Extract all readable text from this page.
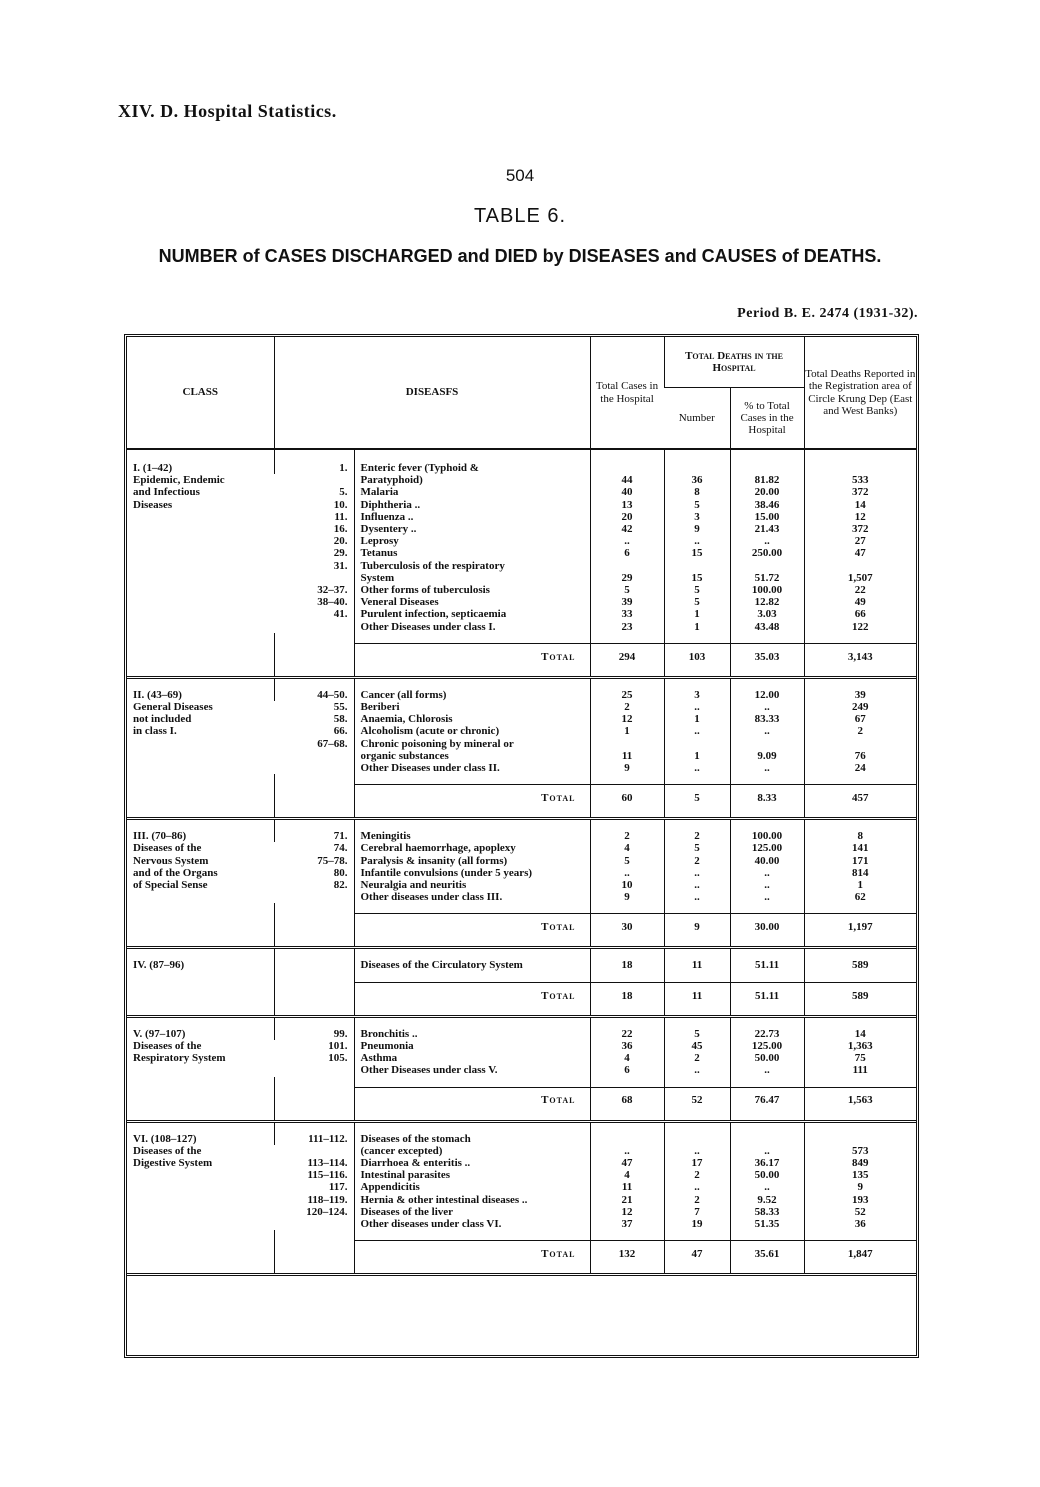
XIV. D. Hospital Statistics.
504
TABLE 6.
NUMBER of CASES DISCHARGED and DIED by DISEASES and CAUSES of DEATHS.
Period B. E. 2474 (1931-32).
CLASS	DISEASFS		Total Cases in the Hospital	Total Deaths in the Hospital		Total Deaths Reported in the Registration area of Circle Krung Dep (East and West Banks)
				Number	% to Total Cases in the Hospital	

I. (1–42)
Epidemic, Endemic
and Infectious
Diseases	1.	Enteric fever (Typhoid &				
		Paratyphoid)	44	36	81.82	533
	5.	Malaria	40	8	20.00	372
	10.	Diphtheria ..	13	5	38.46	14
	11.	Influenza ..	20	3	15.00	12
	16.	Dysentery ..	42	9	21.43	372
	20.	Leprosy	..	..	..	27
	29.	Tetanus	6	15	250.00	47
	31.	Tuberculosis of the respiratory				
		System	29	15	51.72	1,507
	32–37.	Other forms of tuberculosis	5	5	100.00	22
	38–40.	Veneral Diseases	39	5	12.82	49
	41.	Purulent infection, septicaemia	33	1	3.03	66
		Other Diseases under class I.	23	1	43.48	122

		Total	294	103	35.03	3,143

II. (43–69)
General Diseases
not included
in class I.	44–50.	Cancer (all forms)	25	3	12.00	39
	55.	Beriberi	2	..	..	249
	58.	Anaemia, Chlorosis	12	1	83.33	67
	66.	Alcoholism (acute or chronic)	1	..	..	2
	67–68.	Chronic poisoning by mineral or				
		organic substances	11	1	9.09	76
		Other Diseases under class II.	9	..	..	24

		Total	60	5	8.33	457

III. (70–86)
Diseases of the
Nervous System
and of the Organs
of Special Sense	71.	Meningitis	2	2	100.00	8
	74.	Cerebral haemorrhage, apoplexy	4	5	125.00	141
	75–78.	Paralysis & insanity (all forms)	5	2	40.00	171
	80.	Infantile convulsions (under 5 years)	..	..	..	814
	82.	Neuralgia and neuritis	10	..	..	1
		Other diseases under class III.	9	..	..	62

		Total	30	9	30.00	1,197

IV. (87–96)		Diseases of the Circulatory System	18	11	51.11	589

		Total	18	11	51.11	589

V. (97–107)
Diseases of the
Respiratory System	99.	Bronchitis ..	22	5	22.73	14
	101.	Pneumonia	36	45	125.00	1,363
	105.	Asthma	4	2	50.00	75
		Other Diseases under class V.	6	..	..	111

		Total	68	52	76.47	1,563

VI. (108–127)
Diseases of the
Digestive System	111–112.	Diseases of the stomach				
		(cancer excepted)	..	..	..	573
	113–114.	Diarrhoea & enteritis ..	47	17	36.17	849
	115–116.	Intestinal parasites	4	2	50.00	135
	117.	Appendicitis	11	..	..	9
	118–119.	Hernia & other intestinal diseases ..	21	2	9.52	193
	120–124.	Diseases of the liver	12	7	58.33	52
		Other diseases under class VI.	37	19	51.35	36

		Total	132	47	35.61	1,847
